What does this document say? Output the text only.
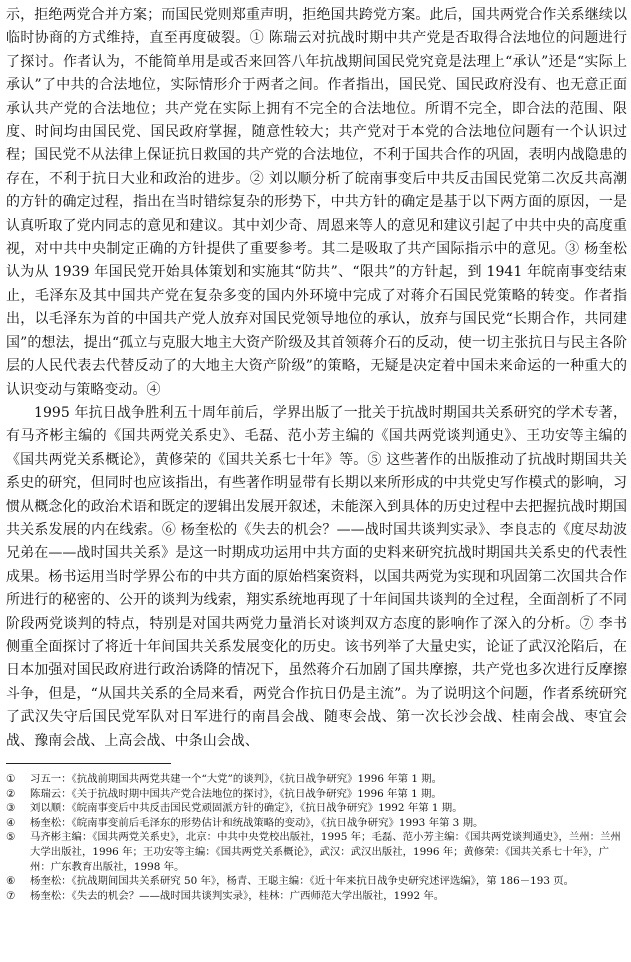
示，拒绝两党合并方案；而国民党则郑重声明，拒绝国共跨党方案。此后，国共两党合作关系继续以临时协商的方式维持，直至再度破裂。① 陈瑞云对抗战时期中共产党是否取得合法地位的问题进行了探讨。作者认为，不能简单用是或否来回答八年抗战期间国民党究竟是法理上“承认”还是“实际上承认”了中共的合法地位，实际情形介于两者之间。作者指出，国民党、国民政府没有、也无意正面承认共产党的合法地位；共产党在实际上拥有不完全的合法地位。所谓不完全，即合法的范围、限度、时间均由国民党、国民政府掌握，随意性较大；共产党对于本党的合法地位问题有一个认识过程；国民党不从法律上保证抗日救国的共产党的合法地位，不利于国共合作的巩固，表明内战隐患的存在，不利于抗日大业和政治的进步。② 刘以顺分析了皖南事变后中共反击国民党第二次反共高潮的方针的确定过程，指出在当时错综复杂的形势下，中共方针的确定是基于以下两方面的原因，一是认真听取了党内同志的意见和建议。其中刘少奇、周恩来等人的意见和建议引起了中共中央的高度重视，对中共中央制定正确的方针提供了重要参考。其二是吸取了共产国际指示中的意见。③ 杨奎松认为从 1939 年国民党开始具体策划和实施其“防共”、“限共”的方针起，到 1941 年皖南事变结束止，毛泽东及其中国共产党在复杂多变的国内外环境中完成了对蒋介石国民党策略的转变。作者指出，以毛泽东为首的中国共产党人放弃对国民党领导地位的承认，放弃与国民党“长期合作，共同建国”的想法，提出“孤立与克服大地主大资产阶级及其首领蒋介石的反动，使一切主张抗日与民主各阶层的人民代表去代替反动了的大地主大资产阶级”的策略，无疑是决定着中国未来命运的一种重大的认识变动与策略变动。④

1995 年抗日战争胜利五十周年前后，学界出版了一批关于抗战时期国共关系研究的学术专著，有马齐彬主编的《国共两党关系史》、毛磊、范小芳主编的《国共两党谈判通史》、王功安等主编的《国共两党关系概论》，黄修荣的《国共关系七十年》等。⑤ 这些著作的出版推动了抗战时期国共关系史的研究，但同时也应该指出，有些著作明显带有长期以来所形成的中共党史写作模式的影响，习惯从概念化的政治术语和既定的逻辑出发展开叙述，未能深入到具体的历史过程中去把握抗战时期国共关系发展的内在线索。⑥ 杨奎松的《失去的机会？——战时国共谈判实录》、李良志的《度尽劫波兄弟在——战时国共关系》是这一时期成功运用中共方面的史料来研究抗战时期国共关系史的代表性成果。杨书运用当时学界公布的中共方面的原始档案资料，以国共两党为实现和巩固第二次国共合作所进行的秘密的、公开的谈判为线索，翔实系统地再现了十年间国共谈判的全过程，全面剖析了不同阶段两党谈判的特点，特别是对国共两党力量消长对谈判双方态度的影响作了深入的分析。⑦ 李书侧重全面探讨了将近十年间国共关系发展变化的历史。该书列举了大量史实，论证了武汉沦陷后，在日本加强对国民政府进行政治诱降的情况下，虽然蒋介石加剧了国共摩擦，共产党也多次进行反摩擦斗争，但是，“从国共关系的全局来看，两党合作抗日仍是主流”。为了说明这个问题，作者系统研究了武汉失守后国民党军队对日军进行的南昌会战、随枣会战、第一次长沙会战、桂南会战、枣宜会战、豫南会战、上高会战、中条山会战、

①	习五一：《抗战前期国共两党共建一个“大党”的谈判》，《抗日战争研究》1996 年第 1 期。
②	陈瑞云：《关于抗战时期中国共产党合法地位的探讨》，《抗日战争研究》1996 年第 1 期。
③	刘以顺：《皖南事变后中共反击国民党顽固派方针的确定》，《抗日战争研究》1992 年第 1 期。
④	杨奎松：《皖南事变前后毛泽东的形势估计和统战策略的变动》，《抗日战争研究》1993 年第 3 期。
⑤	马齐彬主编：《国共两党关系史》，北京：中共中央党校出版社，1995 年；毛磊、范小芳主编：《国共两党谈判通史》，兰州：兰州大学出版社，1996 年；王功安等主编：《国共两党关系概论》，武汉：武汉出版社，1996 年；黄修荣：《国共关系七十年》，广州：广东教育出版社，1998 年。
⑥	杨奎松：《抗战期间国共关系研究 50 年》，杨青、王聪主编：《近十年来抗日战争史研究述评选编》，第 186－193 页。
⑦	杨奎松：《失去的机会？——战时国共谈判实录》，桂林：广西师范大学出版社，1992 年。
